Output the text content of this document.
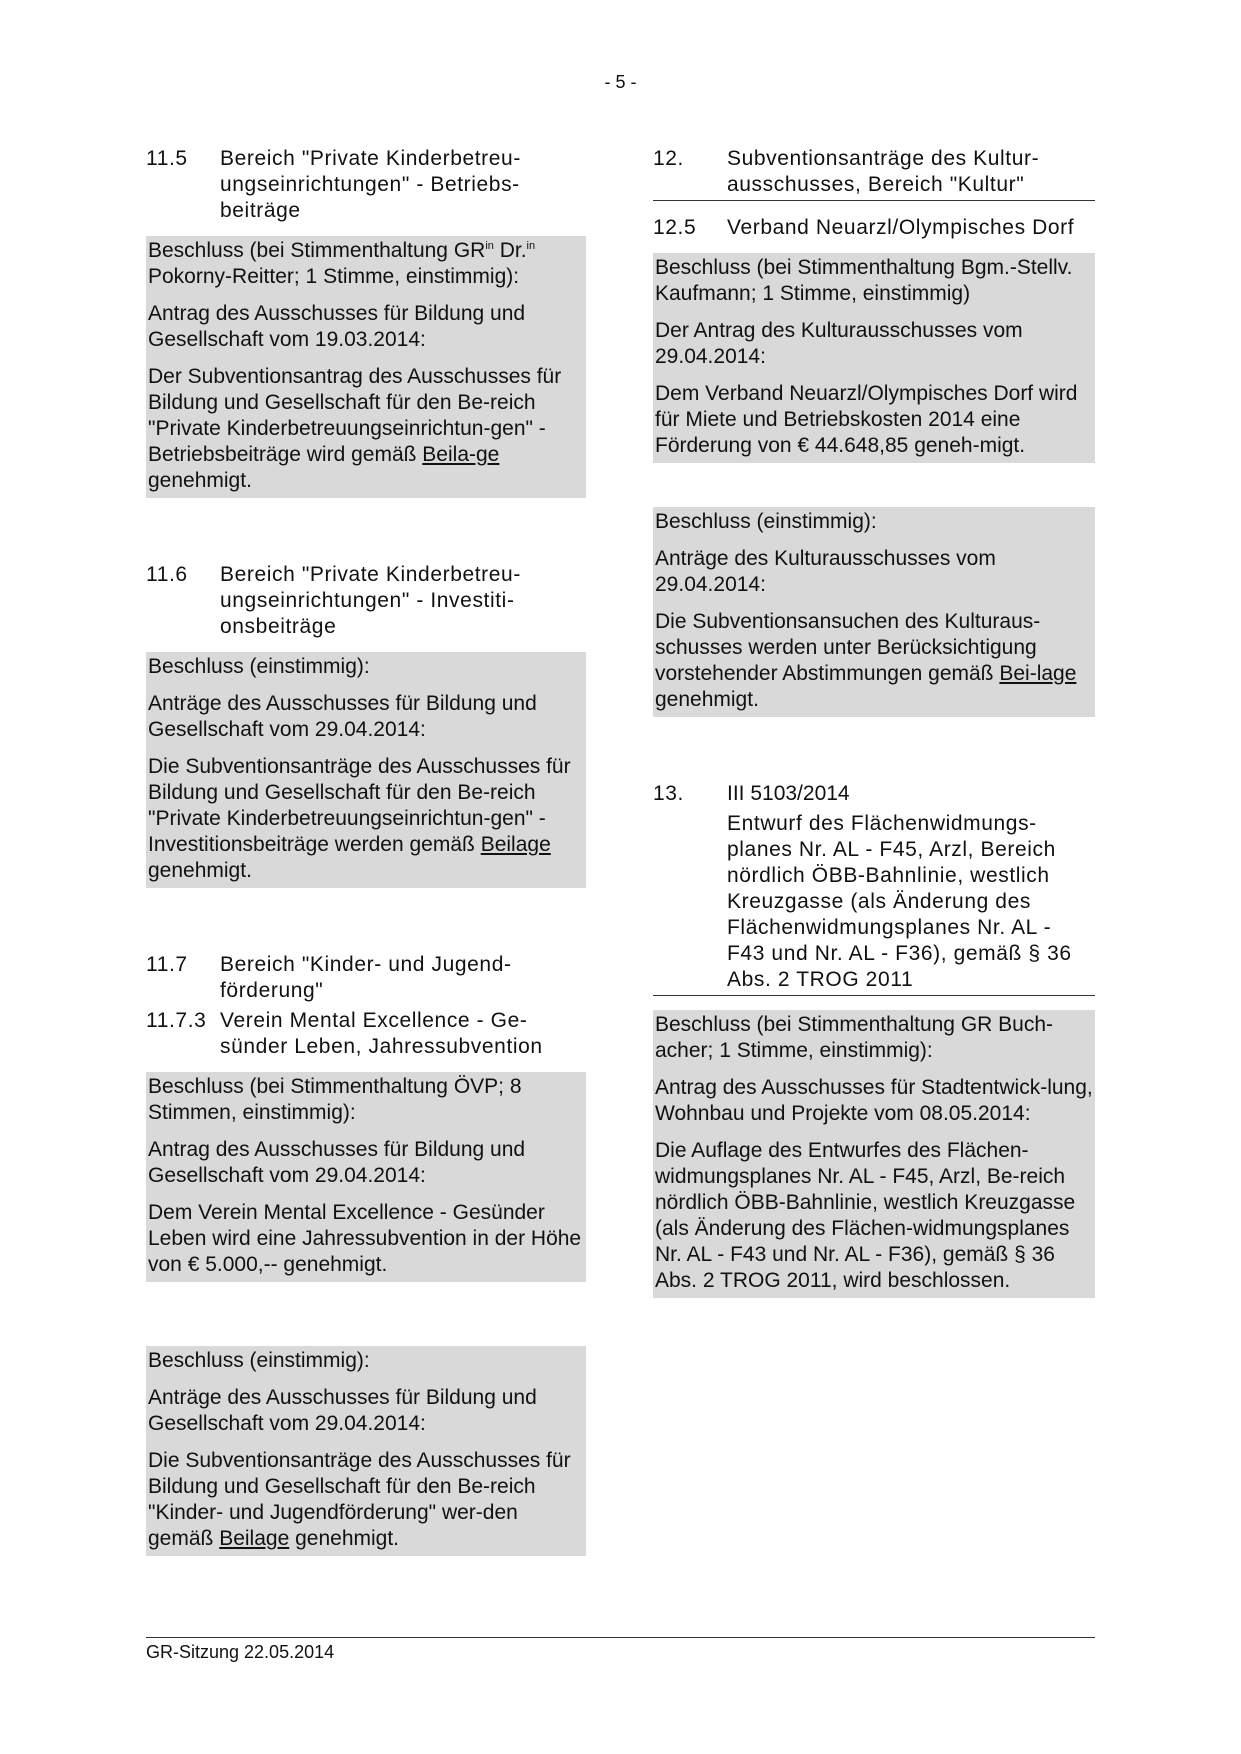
- 5 -
11.5	Bereich "Private Kinderbetreu-ungseinrichtungen" - Betriebs-beiträge

Beschluss (bei Stimmenthaltung $GR^{in}$ Dr.$^{in}$ Pokorny-Reitter; 1 Stimme, einstimmig):

Antrag des Ausschusses für Bildung und Gesellschaft vom 19.03.2014:

Der Subventionsantrag des Ausschusses für Bildung und Gesellschaft für den Be-reich "Private Kinderbetreuungseinrichtun-gen" - Betriebsbeiträge wird gemäß Beila-ge genehmigt.

11.6	Bereich "Private Kinderbetreu-ungseinrichtungen" - Investiti-onsbeiträge

Beschluss (einstimmig):

Anträge des Ausschusses für Bildung und Gesellschaft vom 29.04.2014:

Die Subventionsanträge des Ausschusses für Bildung und Gesellschaft für den Be-reich "Private Kinderbetreuungseinrichtun-gen" - Investitionsbeiträge werden gemäß Beilage genehmigt.

11.7	Bereich "Kinder- und Jugend-förderung"
11.7.3 Verein Mental Excellence - Ge-sünder Leben, Jahressubvention

Beschluss (bei Stimmenthaltung ÖVP; 8 Stimmen, einstimmig):

Antrag des Ausschusses für Bildung und Gesellschaft vom 29.04.2014:

Dem Verein Mental Excellence - Gesünder Leben wird eine Jahressubvention in der Höhe von € 5.000,-- genehmigt.

Beschluss (einstimmig):

Anträge des Ausschusses für Bildung und Gesellschaft vom 29.04.2014:

Die Subventionsanträge des Ausschusses für Bildung und Gesellschaft für den Be-reich "Kinder- und Jugendförderung" wer-den gemäß Beilage genehmigt.

12.	Subventionsanträge des Kultur-ausschusses, Bereich "Kultur"
12.5	Verband Neuarzl/Olympisches Dorf

Beschluss (bei Stimmenthaltung Bgm.-Stellv. Kaufmann; 1 Stimme, einstimmig)

Der Antrag des Kulturausschusses vom 29.04.2014:

Dem Verband Neuarzl/Olympisches Dorf wird für Miete und Betriebskosten 2014 eine Förderung von € 44.648,85 geneh-migt.

Beschluss (einstimmig):

Anträge des Kulturausschusses vom 29.04.2014:

Die Subventionsansuchen des Kulturaus-schusses werden unter Berücksichtigung vorstehender Abstimmungen gemäß Bei-lage genehmigt.

13.	III 5103/2014
Entwurf des Flächenwidmungs-planes Nr. AL - F45, Arzl, Bereich nördlich ÖBB-Bahnlinie, westlich Kreuzgasse (als Änderung des Flächenwidmungsplanes Nr. AL - F43 und Nr. AL - F36), gemäß § 36 Abs. 2 TROG 2011

Beschluss (bei Stimmenthaltung GR Buch-acher; 1 Stimme, einstimmig):

Antrag des Ausschusses für Stadtentwick-lung, Wohnbau und Projekte vom 08.05.2014:

Die Auflage des Entwurfes des Flächen-widmungsplanes Nr. AL - F45, Arzl, Be-reich nördlich ÖBB-Bahnlinie, westlich Kreuzgasse (als Änderung des Flächen-widmungsplanes Nr. AL - F43 und Nr. AL - F36), gemäß § 36 Abs. 2 TROG 2011, wird beschlossen.

GR-Sitzung 22.05.2014
